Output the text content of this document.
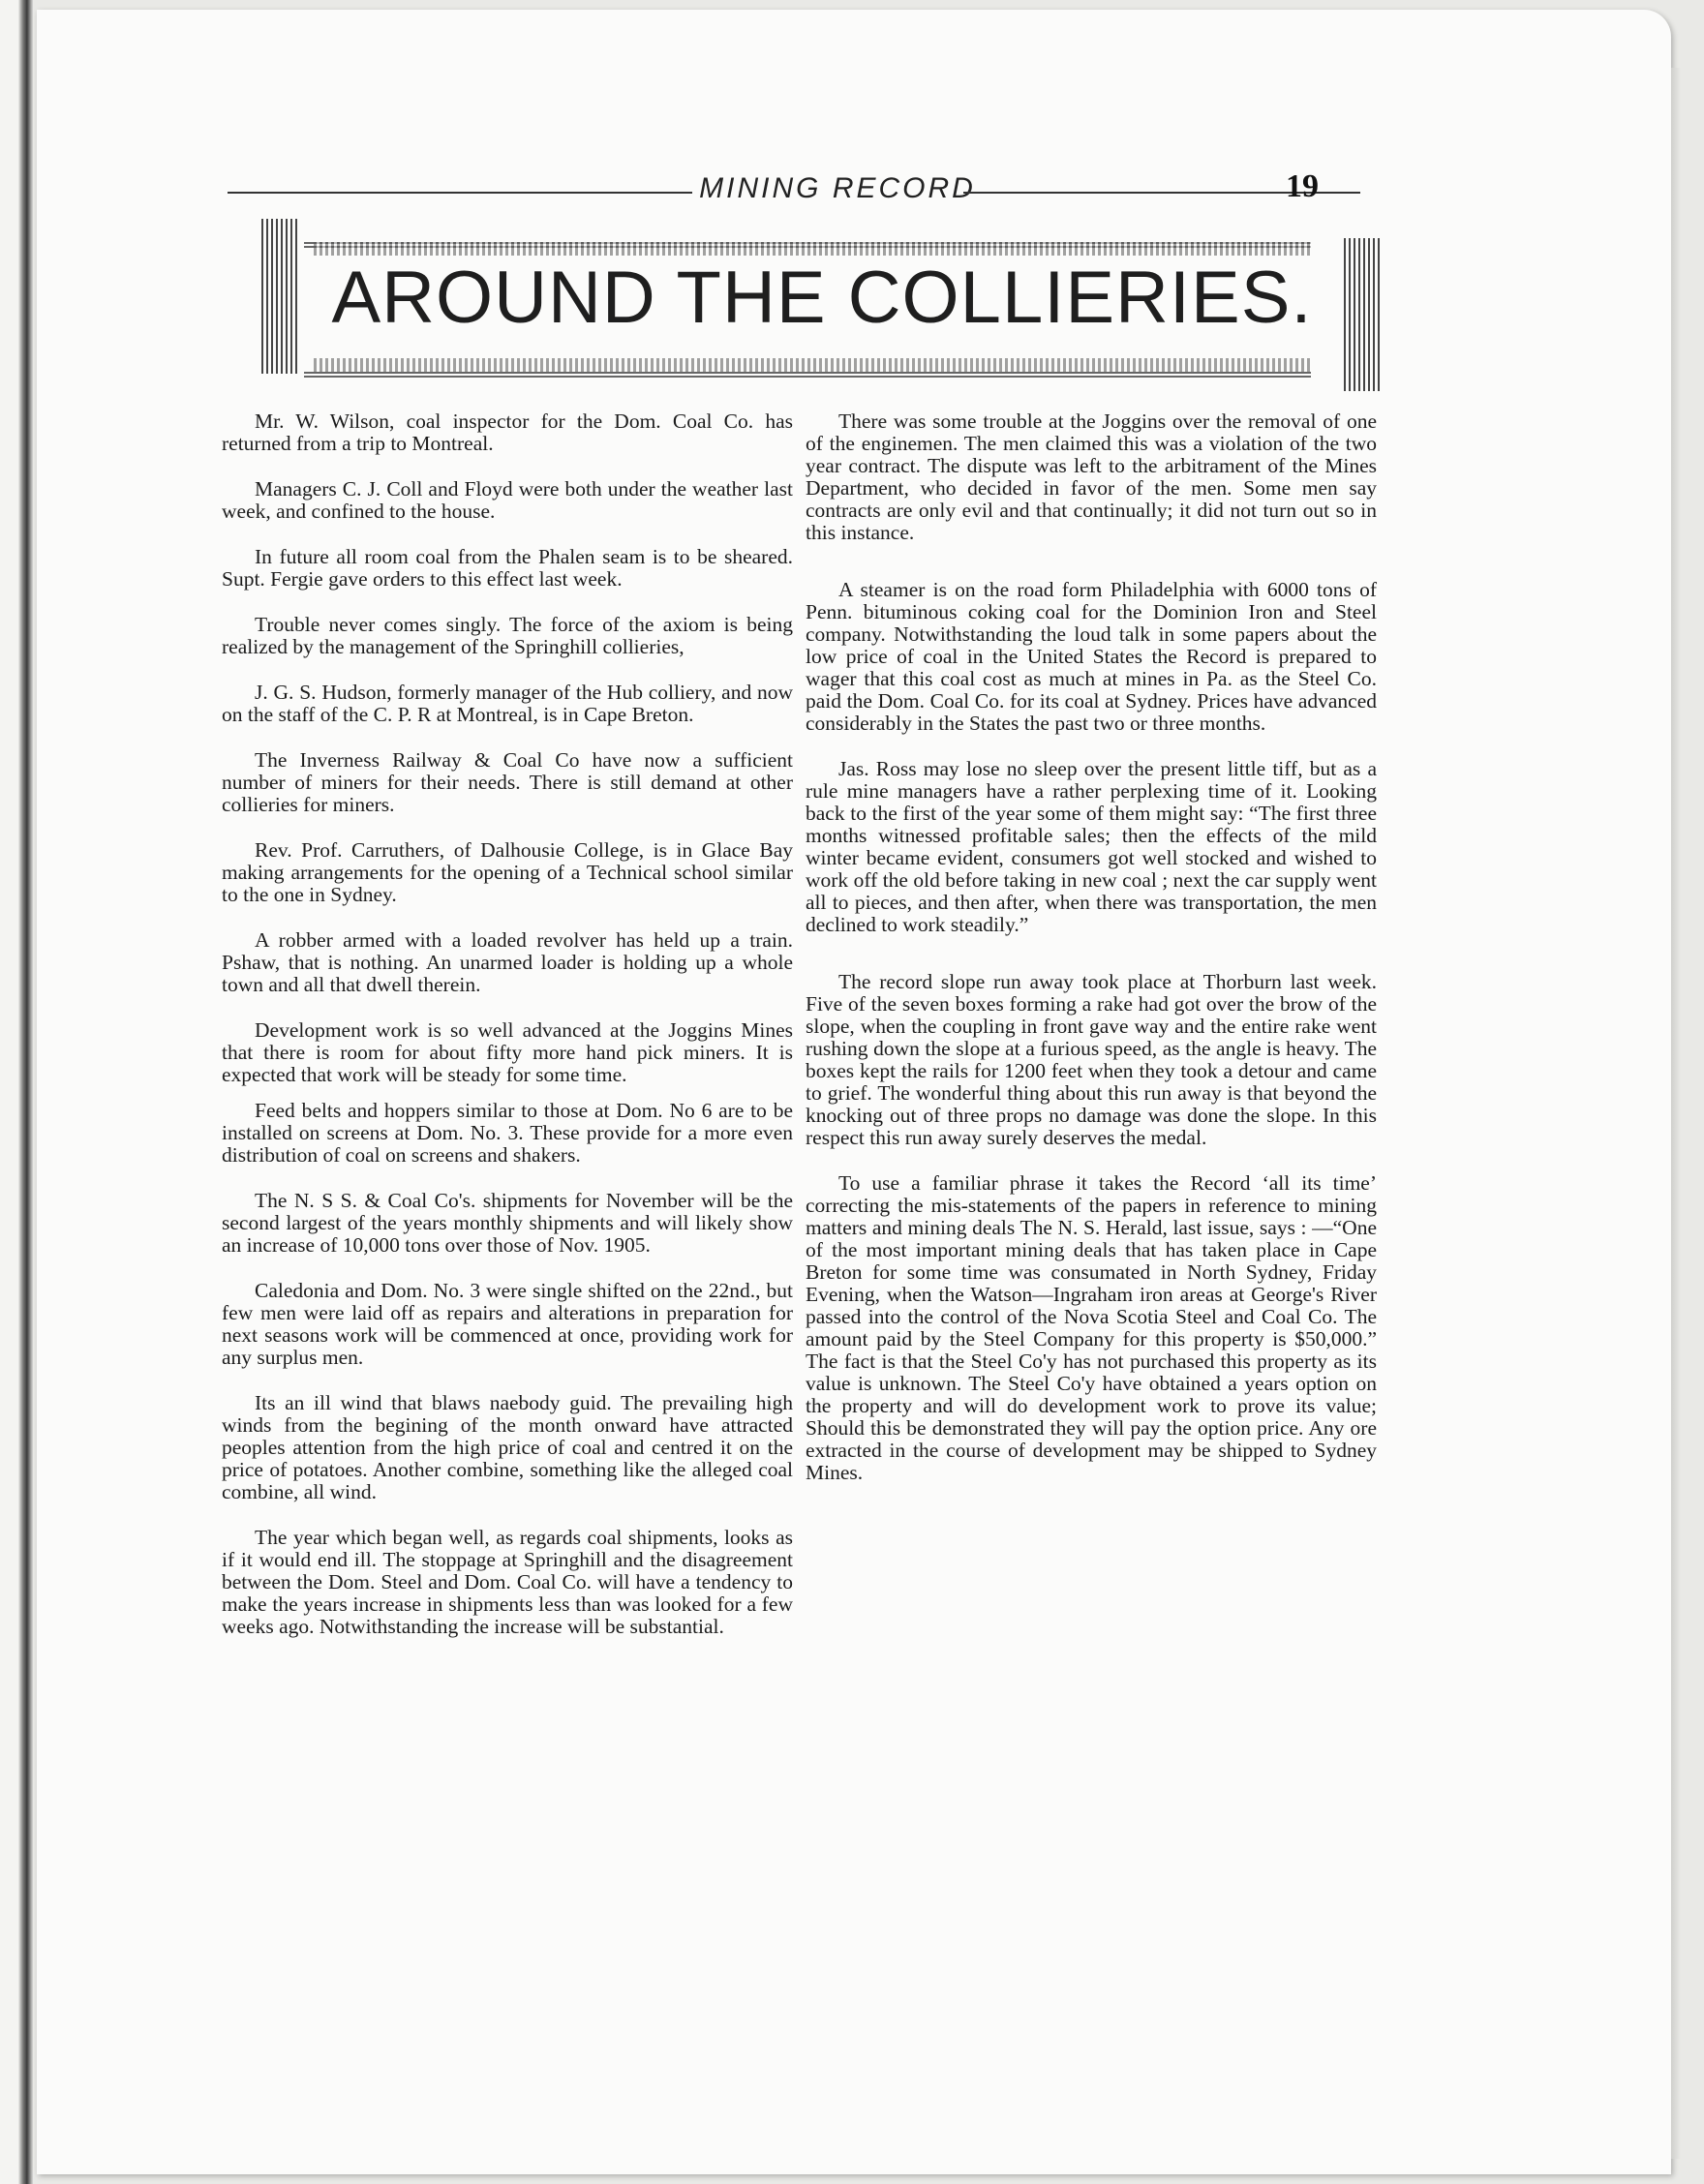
MINING RECORD	19
AROUND THE COLLIERIES.

Mr. W. Wilson, coal inspector for the Dom. Coal Co. has returned from a trip to Montreal.

Managers C. J. Coll and Floyd were both under the weather last week, and confined to the house.

In future all room coal from the Phalen seam is to be sheared. Supt. Fergie gave orders to this effect last week.

Trouble never comes singly. The force of the axiom is being realized by the management of the Springhill collieries,

J. G. S. Hudson, formerly manager of the Hub colliery, and now on the staff of the C. P. R at Montreal, is in Cape Breton.

The Inverness Railway & Coal Co have now a sufficient number of miners for their needs. There is still demand at other collieries for miners.

Rev. Prof. Carruthers, of Dalhousie College, is in Glace Bay making arrangements for the opening of a Technical school similar to the one in Sydney.

A robber armed with a loaded revolver has held up a train. Pshaw, that is nothing. An unarmed loader is holding up a whole town and all that dwell therein.

Development work is so well advanced at the Joggins Mines that there is room for about fifty more hand pick miners. It is expected that work will be steady for some time.

Feed belts and hoppers similar to those at Dom. No 6 are to be installed on screens at Dom. No. 3. These provide for a more even distribution of coal on screens and shakers.

The N. S S. & Coal Co's. shipments for November will be the second largest of the years monthly shipments and will likely show an increase of 10,000 tons over those of Nov. 1905.

Caledonia and Dom. No. 3 were single shifted on the 22nd., but few men were laid off as repairs and alterations in preparation for next seasons work will be commenced at once, providing work for any surplus men.

Its an ill wind that blaws naebody guid. The prevailing high winds from the begining of the month onward have attracted peoples attention from the high price of coal and centred it on the price of potatoes. Another combine, something like the alleged coal combine, all wind.

The year which began well, as regards coal shipments, looks as if it would end ill. The stoppage at Springhill and the disagreement between the Dom. Steel and Dom. Coal Co. will have a tendency to make the years increase in shipments less than was looked for a few weeks ago. Notwithstanding the increase will be substantial.

There was some trouble at the Joggins over the removal of one of the enginemen. The men claimed this was a violation of the two year contract. The dispute was left to the arbitrament of the Mines Department, who decided in favor of the men. Some men say contracts are only evil and that continually; it did not turn out so in this instance.

A steamer is on the road form Philadelphia with 6000 tons of Penn. bituminous coking coal for the Dominion Iron and Steel company. Notwithstanding the loud talk in some papers about the low price of coal in the United States the Record is prepared to wager that this coal cost as much at mines in Pa. as the Steel Co. paid the Dom. Coal Co. for its coal at Sydney. Prices have advanced considerably in the States the past two or three months.

Jas. Ross may lose no sleep over the present little tiff, but as a rule mine managers have a rather perplexing time of it. Looking back to the first of the year some of them might say: “The first three months witnessed profitable sales; then the effects of the mild winter became evident, consumers got well stocked and wished to work off the old before taking in new coal ; next the car supply went all to pieces, and then after, when there was transportation, the men declined to work steadily.”

The record slope run away took place at Thorburn last week. Five of the seven boxes forming a rake had got over the brow of the slope, when the coupling in front gave way and the entire rake went rushing down the slope at a furious speed, as the angle is heavy. The boxes kept the rails for 1200 feet when they took a detour and came to grief. The wonderful thing about this run away is that beyond the knocking out of three props no damage was done the slope. In this respect this run away surely deserves the medal.

To use a familiar phrase it takes the Record ‘all its time’ correcting the mis-statements of the papers in reference to mining matters and mining deals The N. S. Herald, last issue, says : —“One of the most important mining deals that has taken place in Cape Breton for some time was consumated in North Sydney, Friday Evening, when the Watson—Ingraham iron areas at George's River passed into the control of the Nova Scotia Steel and Coal Co. The amount paid by the Steel Company for this property is $50,000.” The fact is that the Steel Co'y has not purchased this property as its value is unknown. The Steel Co'y have obtained a years option on the property and will do development work to prove its value; Should this be demonstrated they will pay the option price. Any ore extracted in the course of development may be shipped to Sydney Mines.
